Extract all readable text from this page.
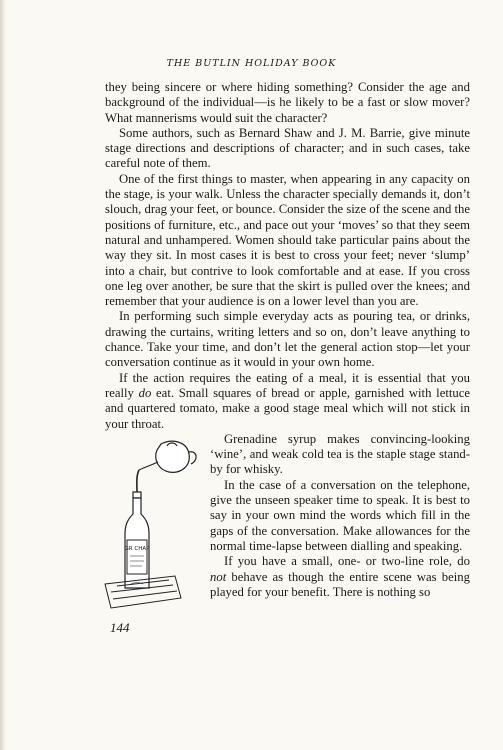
THE BUTLIN HOLIDAY BOOK

they being sincere or where hiding something? Consider the age and background of the individual—is he likely to be a fast or slow mover? What mannerisms would suit the character?

Some authors, such as Bernard Shaw and J. M. Barrie, give minute stage directions and descriptions of character; and in such cases, take careful note of them.

One of the first things to master, when appearing in any capacity on the stage, is your walk. Unless the character specially demands it, don’t slouch, drag your feet, or bounce. Consider the size of the scene and the positions of furniture, etc., and pace out your ‘moves’ so that they seem natural and unhampered. Women should take particular pains about the way they sit. In most cases it is best to cross your feet; never ‘slump’ into a chair, but contrive to look comfortable and at ease. If you cross one leg over another, be sure that the skirt is pulled over the knees; and remember that your audience is on a lower level than you are.

In performing such simple everyday acts as pouring tea, or drinks, drawing the curtains, writing letters and so on, don’t leave anything to chance. Take your time, and don’t let the general action stop—let your conversation continue as it would in your own home.

If the action requires the eating of a meal, it is essential that you really do eat. Small squares of bread or apple, garnished with lettuce and quartered tomato, make a good stage meal which will not stick in your throat.

GR CHAP

Grenadine syrup makes convincing-looking ‘wine’, and weak cold tea is the staple stage stand-by for whisky.

In the case of a conversation on the telephone, give the unseen speaker time to speak. It is best to say in your own mind the words which fill in the gaps of the conversation. Make allowances for the normal time-lapse between dialling and speaking.

If you have a small, one- or two-line role, do not behave as though the entire scene was being played for your benefit. There is nothing so

144
